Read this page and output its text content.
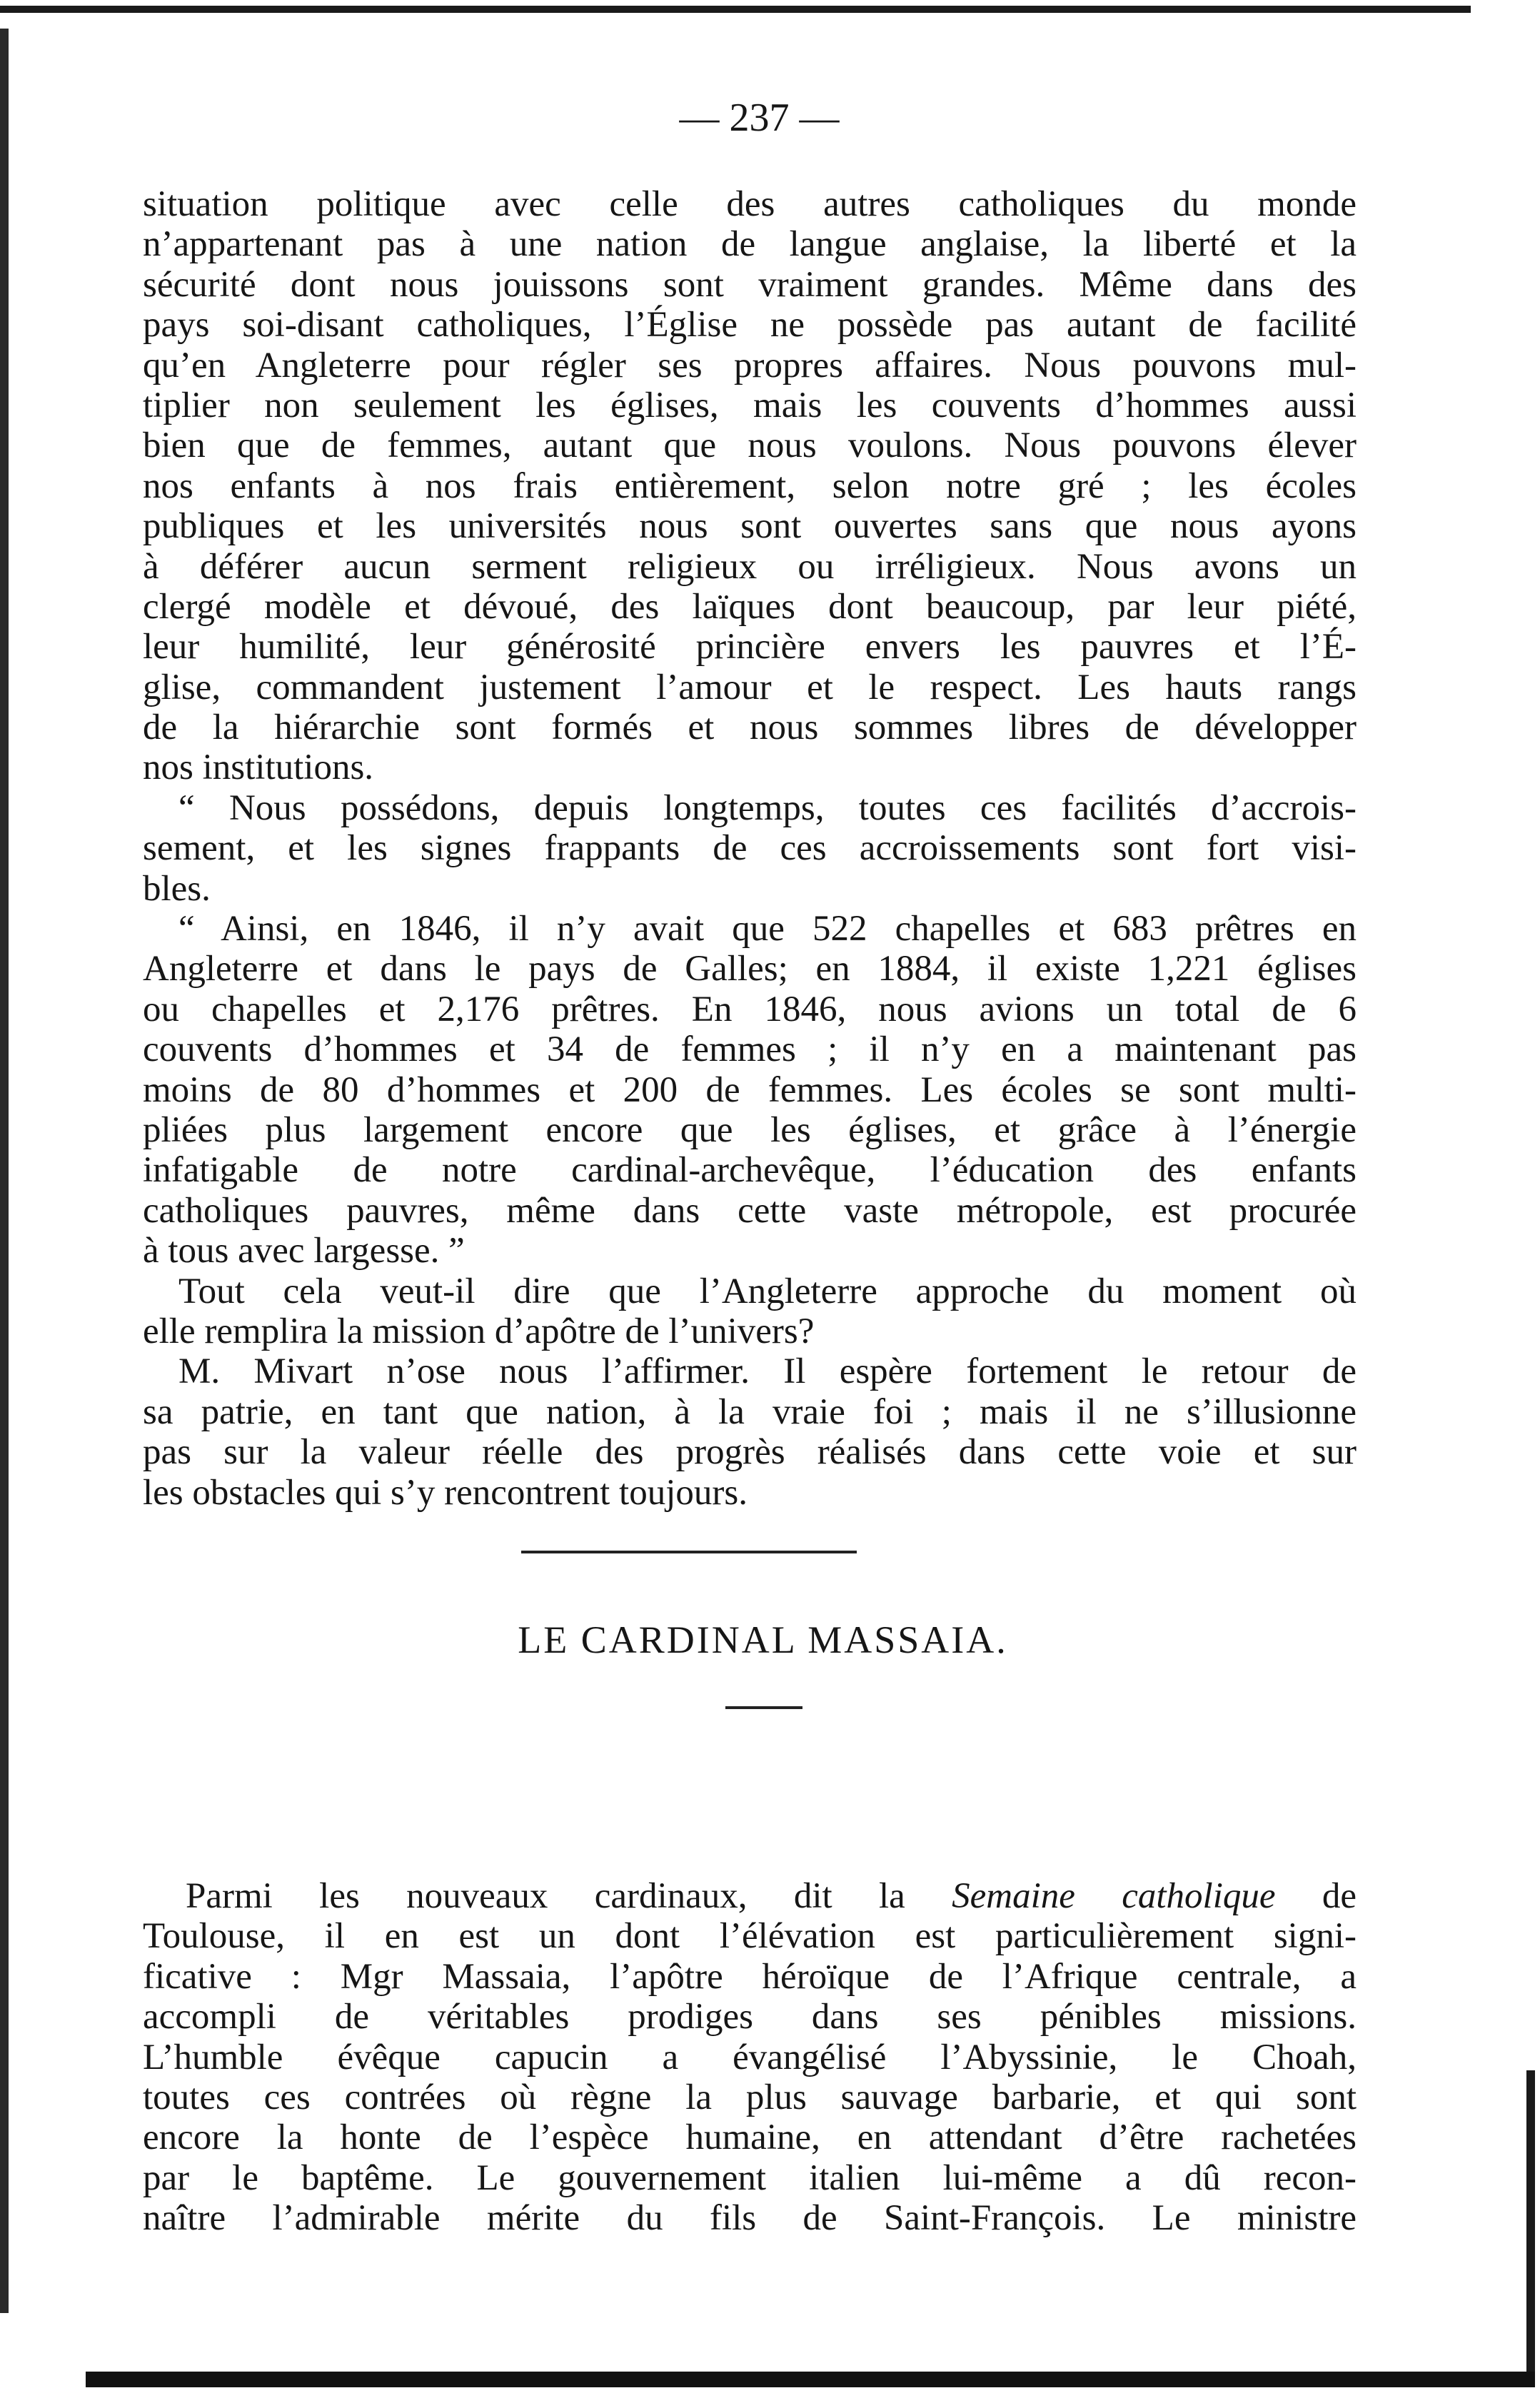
— 237 —
situation politique avec celle des autres catholiques du monde
n’appartenant pas à une nation de langue anglaise, la liberté et la
sécurité dont nous jouissons sont vraiment grandes. Même dans des
pays soi-disant catholiques, l’Église ne possède pas autant de facilité
qu’en Angleterre pour régler ses propres affaires. Nous pouvons mul-
tiplier non seulement les églises, mais les couvents d’hommes aussi
bien que de femmes, autant que nous voulons. Nous pouvons élever
nos enfants à nos frais entièrement, selon notre gré ; les écoles
publiques et les universités nous sont ouvertes sans que nous ayons
à déférer aucun serment religieux ou irréligieux. Nous avons un
clergé modèle et dévoué, des laïques dont beaucoup, par leur piété,
leur humilité, leur générosité princière envers les pauvres et l’É-
glise, commandent justement l’amour et le respect. Les hauts rangs
de la hiérarchie sont formés et nous sommes libres de développer
nos institutions.
“ Nous possédons, depuis longtemps, toutes ces facilités d’accrois-
sement, et les signes frappants de ces accroissements sont fort visi-
bles.
“ Ainsi, en 1846, il n’y avait que 522 chapelles et 683 prêtres en
Angleterre et dans le pays de Galles; en 1884, il existe 1,221 églises
ou chapelles et 2,176 prêtres. En 1846, nous avions un total de 6
couvents d’hommes et 34 de femmes ; il n’y en a maintenant pas
moins de 80 d’hommes et 200 de femmes. Les écoles se sont multi-
pliées plus largement encore que les églises, et grâce à l’énergie
infatigable de notre cardinal-archevêque, l’éducation des enfants
catholiques pauvres, même dans cette vaste métropole, est procurée
à tous avec largesse. ”
Tout cela veut-il dire que l’Angleterre approche du moment où
elle remplira la mission d’apôtre de l’univers?
M. Mivart n’ose nous l’affirmer. Il espère fortement le retour de
sa patrie, en tant que nation, à la vraie foi ; mais il ne s’illusionne
pas sur la valeur réelle des progrès réalisés dans cette voie et sur
les obstacles qui s’y rencontrent toujours.
LE CARDINAL MASSAIA.
Parmi les nouveaux cardinaux, dit la Semaine catholique de
Toulouse, il en est un dont l’élévation est particulièrement signi-
ficative : Mgr Massaia, l’apôtre héroïque de l’Afrique centrale, a
accompli de véritables prodiges dans ses pénibles missions.
L’humble évêque capucin a évangélisé l’Abyssinie, le Choah,
toutes ces contrées où règne la plus sauvage barbarie, et qui sont
encore la honte de l’espèce humaine, en attendant d’être rachetées
par le baptême. Le gouvernement italien lui-même a dû recon-
naître l’admirable mérite du fils de Saint-François. Le ministre
